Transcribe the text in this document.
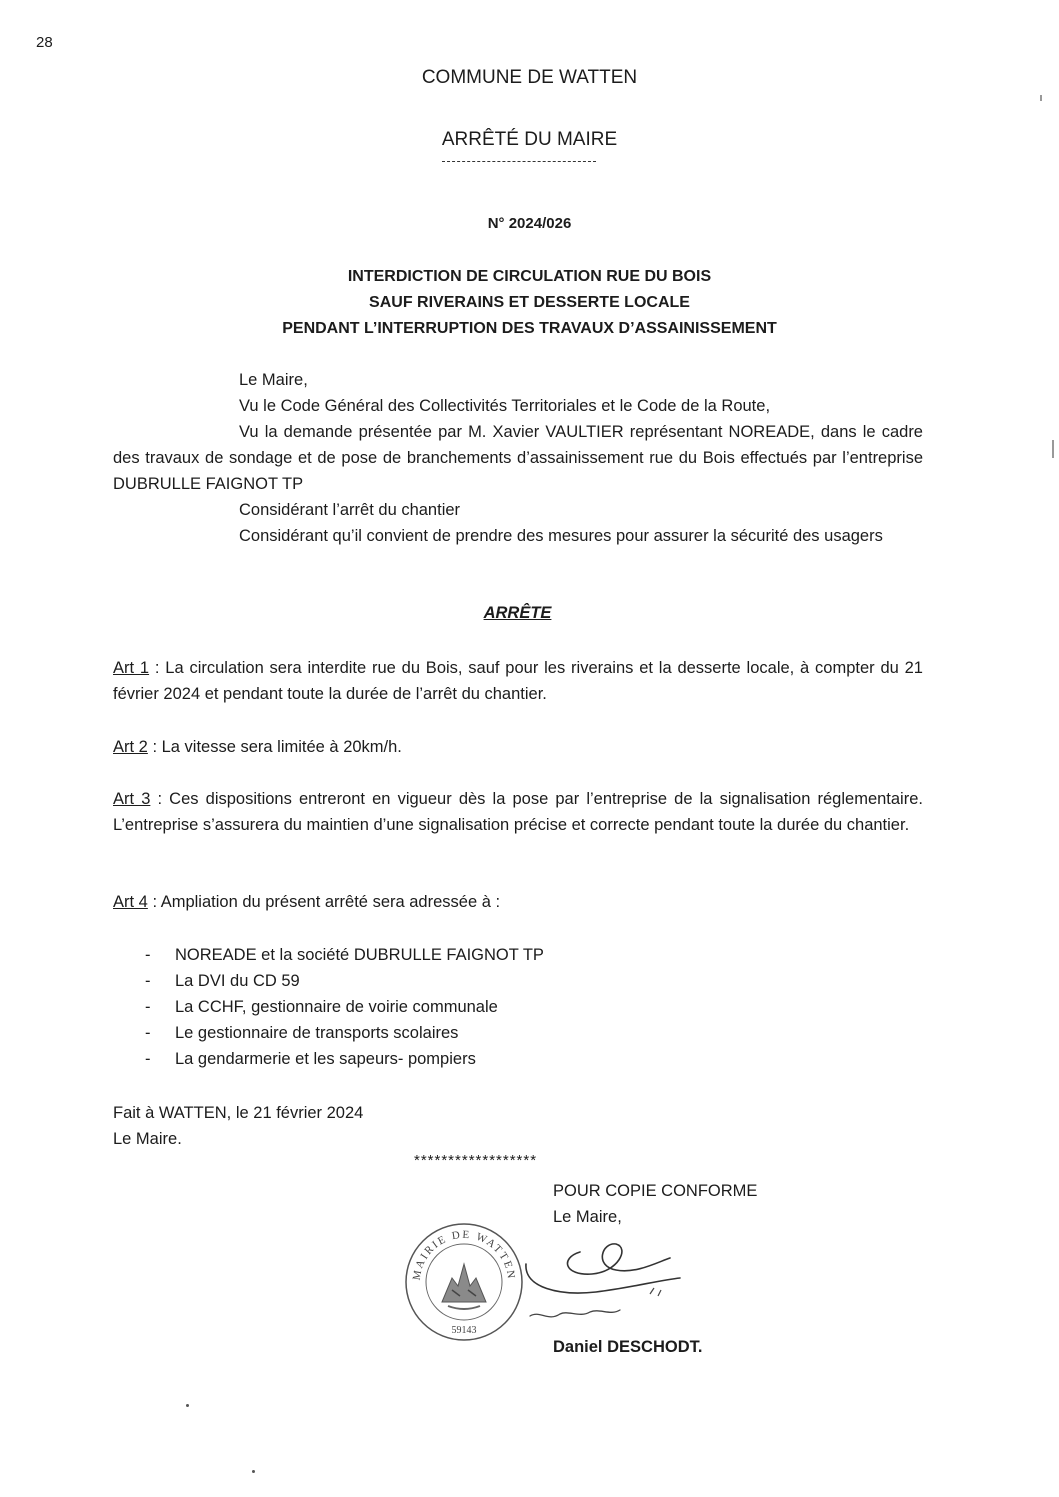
28
COMMUNE DE WATTEN
ARRÊTÉ DU MAIRE
N° 2024/026
INTERDICTION DE CIRCULATION RUE DU BOIS
SAUF RIVERAINS ET DESSERTE LOCALE
PENDANT L’INTERRUPTION DES TRAVAUX D’ASSAINISSEMENT
Le Maire,
Vu le Code Général des Collectivités Territoriales et le Code de la Route,
Vu la demande présentée par M. Xavier VAULTIER représentant NOREADE, dans le cadre des travaux de sondage et de pose de branchements d’assainissement rue du Bois effectués par l’entreprise DUBRULLE FAIGNOT TP
Considérant l’arrêt du chantier
Considérant qu’il convient de prendre des mesures pour assurer la sécurité des usagers
ARRÊTE
Art 1 : La circulation sera interdite rue du Bois, sauf pour les riverains et la desserte locale, à compter du 21 février 2024 et pendant toute la durée de l’arrêt du chantier.
Art 2 : La vitesse sera limitée à 20km/h.
Art 3 : Ces dispositions entreront en vigueur dès la pose par l’entreprise de la signalisation réglementaire. L’entreprise s’assurera du maintien d’une signalisation précise et correcte pendant toute la durée du chantier.
Art 4 : Ampliation du présent arrêté sera adressée à :
- NOREADE et la société DUBRULLE FAIGNOT TP
- La DVI du CD 59
- La CCHF, gestionnaire de voirie communale
- Le gestionnaire de transports scolaires
- La gendarmerie et les sapeurs- pompiers
Fait à WATTEN, le 21 février 2024
Le Maire.
******************
POUR COPIE CONFORME
Le Maire,
MAIRIE DE WATTEN
59143
Daniel DESCHODT.
